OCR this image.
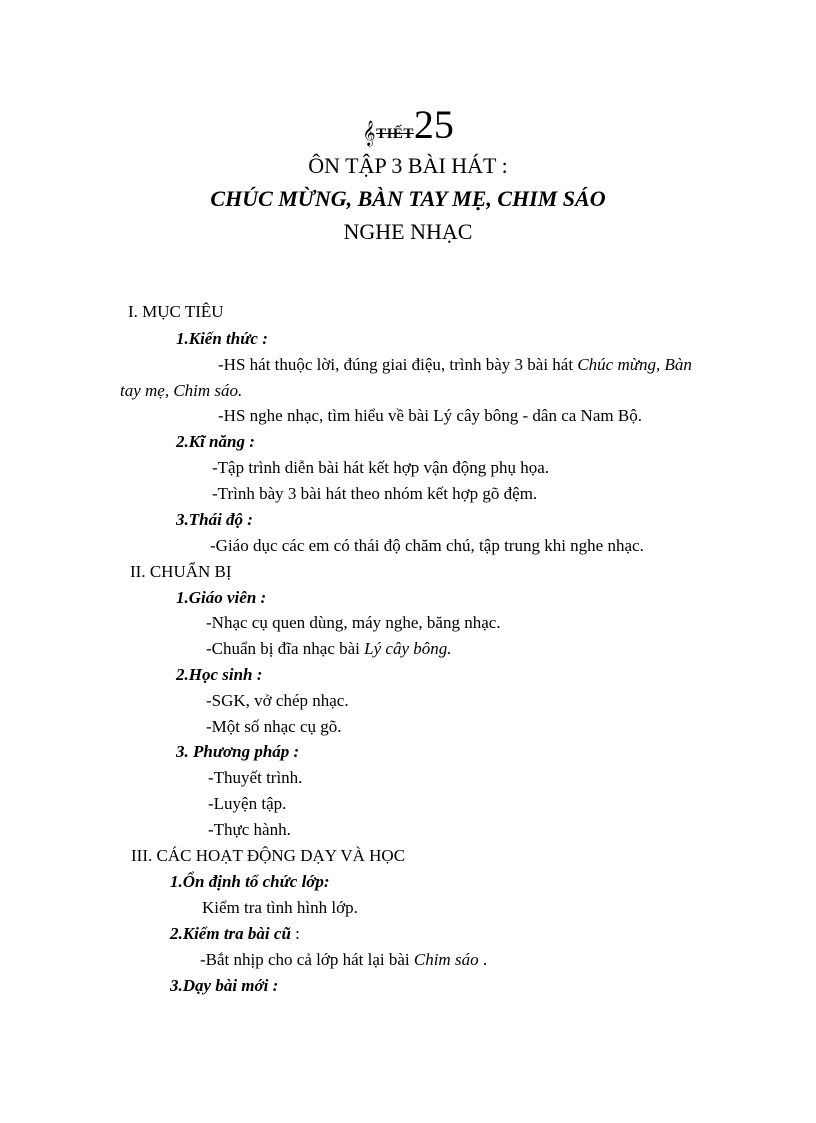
𝄞TIẾT25
ÔN TẬP 3 BÀI HÁT :
CHÚC MỪNG, BÀN TAY MẸ, CHIM SÁO
NGHE NHẠC
I. MỤC TIÊU
1.Kiến thức :
-HS hát thuộc lời, đúng giai điệu, trình bày 3 bài hát Chúc mừng, Bàn
tay mẹ, Chim sáo.
-HS nghe nhạc, tìm hiểu về bài Lý cây bông - dân ca Nam Bộ.
2.Kĩ năng :
-Tập trình diễn bài hát kết hợp vận động phụ họa.
-Trình bày 3 bài hát theo nhóm kết hợp gõ đệm.
3.Thái độ :
-Giáo dục các em có thái độ chăm chú, tập trung khi nghe nhạc.
II. CHUẨN BỊ
1.Giáo viên :
-Nhạc cụ quen dùng, máy nghe, băng nhạc.
-Chuẩn bị đĩa nhạc bài Lý cây bông.
2.Học sinh :
-SGK, vở chép nhạc.
-Một số nhạc cụ gõ.
3. Phương pháp :
-Thuyết trình.
-Luyện tập.
-Thực hành.
III. CÁC HOẠT ĐỘNG DẠY VÀ HỌC
1.Ổn định tổ chức lớp:
Kiểm tra tình hình lớp.
2.Kiểm tra bài cũ :
-Bắt nhịp cho cả lớp hát lại bài Chim sáo .
3.Dạy bài mới :
